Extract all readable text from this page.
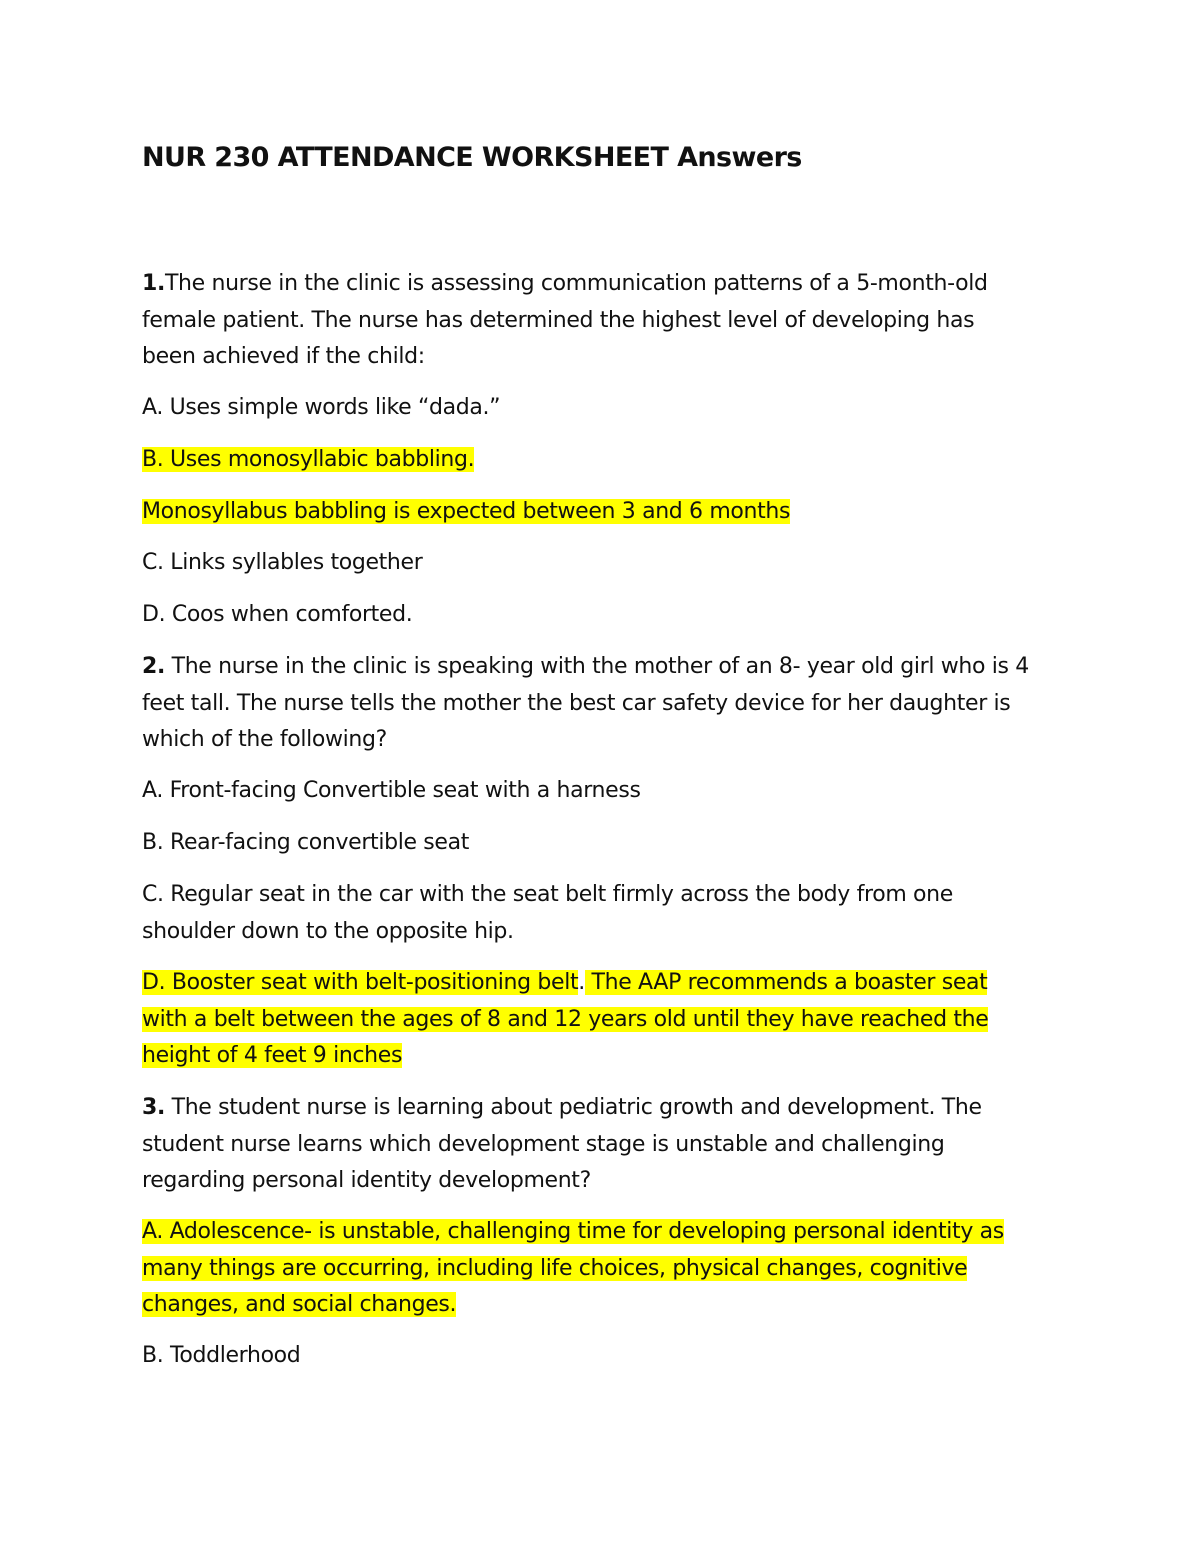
NUR 230 ATTENDANCE WORKSHEET Answers

1.The nurse in the clinic is assessing communication patterns of a 5-month-old
female patient. The nurse has determined the highest level of developing has
been achieved if the child:

A. Uses simple words like “dada.”

B. Uses monosyllabic babbling.

Monosyllabus babbling is expected between 3 and 6 months

C. Links syllables together

D. Coos when comforted.

2. The nurse in the clinic is speaking with the mother of an 8- year old girl who is 4
feet tall. The nurse tells the mother the best car safety device for her daughter is
which of the following?

A. Front-facing Convertible seat with a harness

B. Rear-facing convertible seat

C. Regular seat in the car with the seat belt firmly across the body from one
shoulder down to the opposite hip.

D. Booster seat with belt-positioning belt. The AAP recommends a boaster seat
with a belt between the ages of 8 and 12 years old until they have reached the
height of 4 feet 9 inches

3. The student nurse is learning about pediatric growth and development. The
student nurse learns which development stage is unstable and challenging
regarding personal identity development?

A. Adolescence- is unstable, challenging time for developing personal identity as
many things are occurring, including life choices, physical changes, cognitive
changes, and social changes.

B. Toddlerhood
